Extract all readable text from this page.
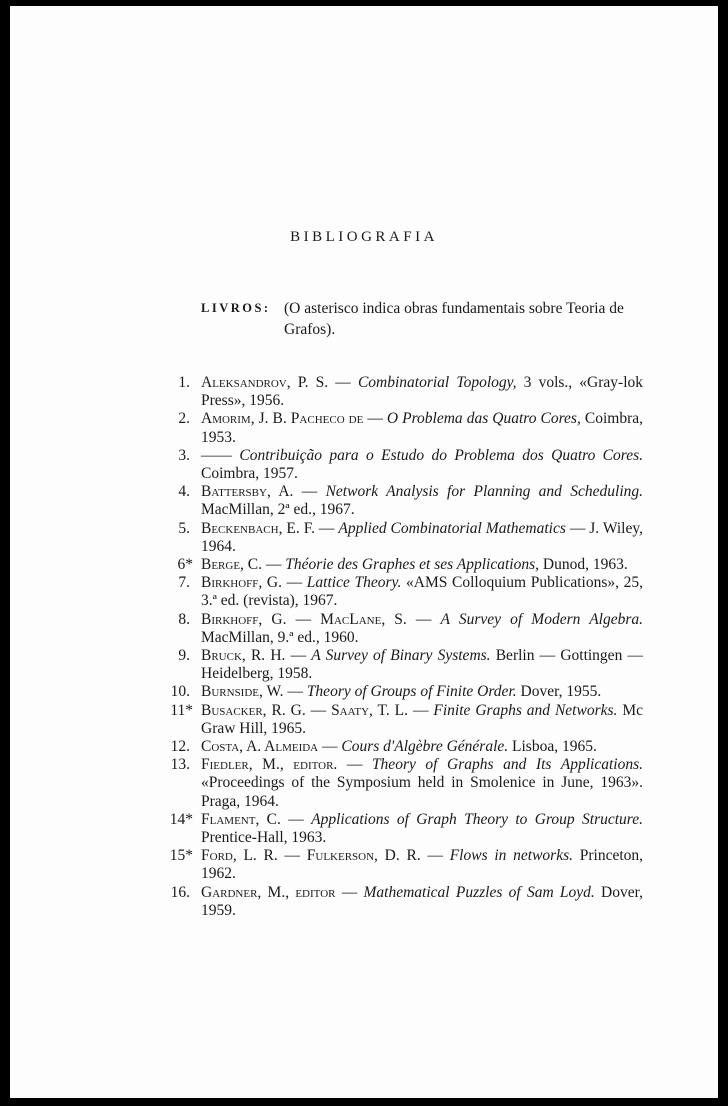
BIBLIOGRAFIA
LIVROS: (O asterisco indica obras fundamentais sobre Teoria de Grafos).
1. Aleksandrov, P. S. — Combinatorial Topology, 3 vols., «Gray-lok Press», 1956.
2. Amorim, J. B. Pacheco de — O Problema das Quatro Cores, Coimbra, 1953.
3. —— Contribuição para o Estudo do Problema dos Quatro Cores. Coimbra, 1957.
4. Battersby, A. — Network Analysis for Planning and Scheduling. MacMillan, 2ª ed., 1967.
5. Beckenbach, E. F. — Applied Combinatorial Mathematics — J. Wiley, 1964.
6* Berge, C. — Théorie des Graphes et ses Applications, Dunod, 1963.
7. Birkhoff, G. — Lattice Theory. «AMS Colloquium Publications», 25, 3.ª ed. (revista), 1967.
8. Birkhoff, G. — MacLane, S. — A Survey of Modern Algebra. MacMillan, 9.ª ed., 1960.
9. Bruck, R. H. — A Survey of Binary Systems. Berlin — Gottingen — Heidelberg, 1958.
10. Burnside, W. — Theory of Groups of Finite Order. Dover, 1955.
11* Busacker, R. G. — Saaty, T. L. — Finite Graphs and Networks. Mc Graw Hill, 1965.
12. Costa, A. Almeida — Cours d'Algèbre Générale. Lisboa, 1965.
13. Fiedler, M., editor. — Theory of Graphs and Its Applications. «Proceedings of the Symposium held in Smolenice in June, 1963». Praga, 1964.
14* Flament, C. — Applications of Graph Theory to Group Structure. Prentice-Hall, 1963.
15* Ford, L. R. — Fulkerson, D. R. — Flows in networks. Princeton, 1962.
16. Gardner, M., editor — Mathematical Puzzles of Sam Loyd. Dover, 1959.
